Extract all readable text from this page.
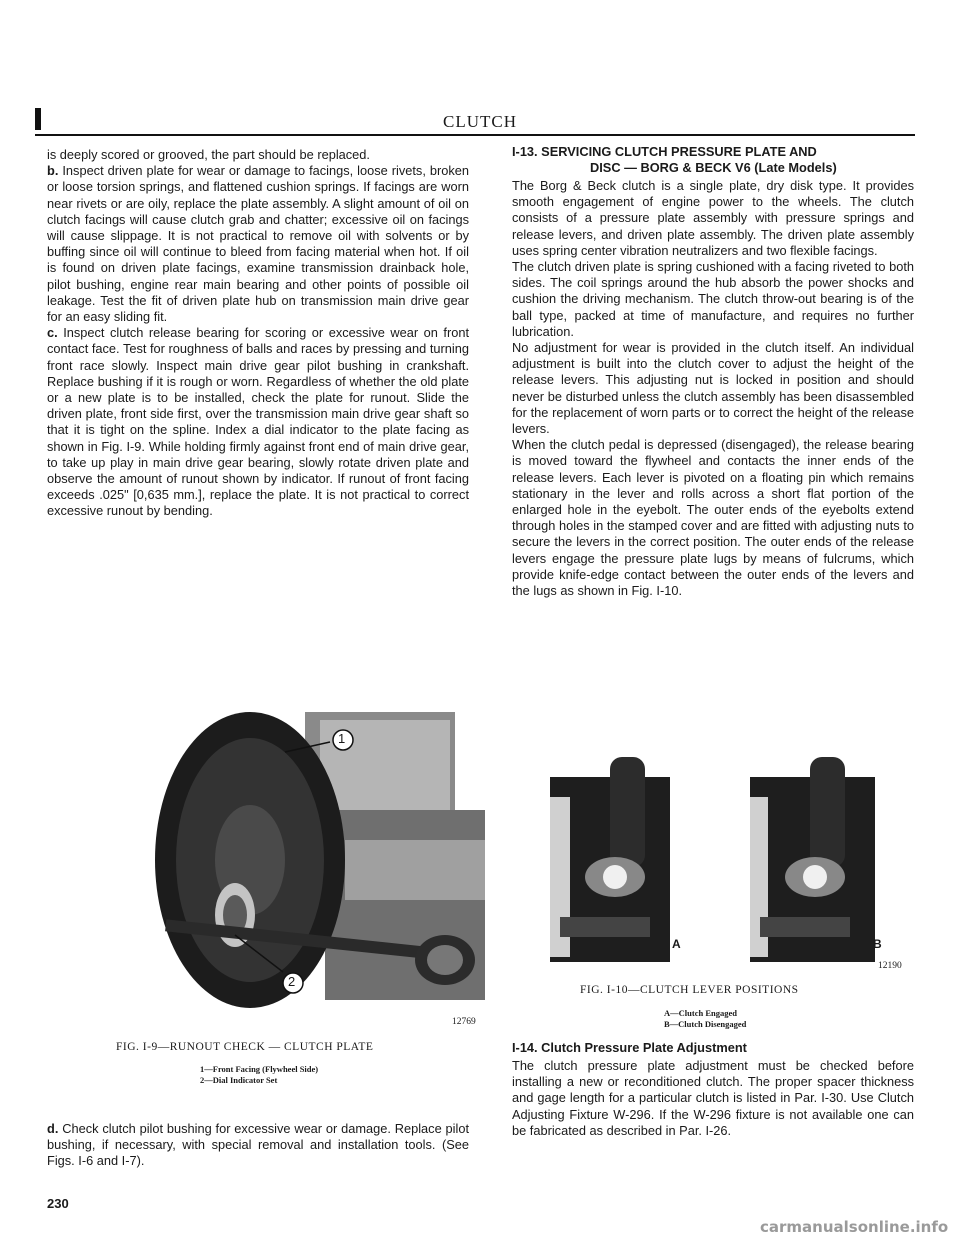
CLUTCH

is deeply scored or grooved, the part should be replaced.

b. Inspect driven plate for wear or damage to facings, loose rivets, broken or loose torsion springs, and flattened cushion springs. If facings are worn near rivets or are oily, replace the plate assembly. A slight amount of oil on clutch facings will cause clutch grab and chatter; excessive oil on facings will cause slippage. It is not practical to remove oil with solvents or by buffing since oil will continue to bleed from facing material when hot. If oil is found on driven plate facings, examine transmission drainback hole, pilot bushing, engine rear main bearing and other points of possible oil leakage. Test the fit of driven plate hub on transmission main drive gear for an easy sliding fit.

c. Inspect clutch release bearing for scoring or excessive wear on front contact face. Test for roughness of balls and races by pressing and turning front race slowly. Inspect main drive gear pilot bushing in crankshaft. Replace bushing if it is rough or worn. Regardless of whether the old plate or a new plate is to be installed, check the plate for runout. Slide the driven plate, front side first, over the transmission main drive gear shaft so that it is tight on the spline. Index a dial indicator to the plate facing as shown in Fig. I-9. While holding firmly against front end of main drive gear, to take up play in main drive gear bearing, slowly rotate driven plate and observe the amount of runout shown by indicator. If runout of front facing exceeds .025" [0,635 mm.], replace the plate. It is not practical to correct excessive runout by bending.

1
2
12769
FIG. I-9—RUNOUT CHECK — CLUTCH PLATE
1—Front Facing (Flywheel Side)
2—Dial Indicator Set

d. Check clutch pilot bushing for excessive wear or damage. Replace pilot bushing, if necessary, with special removal and installation tools. (See Figs. I-6 and I-7).

I-13. SERVICING CLUTCH PRESSURE PLATE AND
DISC — BORG & BECK V6 (Late Models)

The Borg & Beck clutch is a single plate, dry disk type. It provides smooth engagement of engine power to the wheels. The clutch consists of a pressure plate assembly with pressure springs and release levers, and driven plate assembly. The driven plate assembly uses spring center vibration neutralizers and two flexible facings.

The clutch driven plate is spring cushioned with a facing riveted to both sides. The coil springs around the hub absorb the power shocks and cushion the driving mechanism. The clutch throw-out bearing is of the ball type, packed at time of manufacture, and requires no further lubrication.

No adjustment for wear is provided in the clutch itself. An individual adjustment is built into the clutch cover to adjust the height of the release levers. This adjusting nut is locked in position and should never be disturbed unless the clutch assembly has been disassembled for the replacement of worn parts or to correct the height of the release levers.

When the clutch pedal is depressed (disengaged), the release bearing is moved toward the flywheel and contacts the inner ends of the release levers. Each lever is pivoted on a floating pin which remains stationary in the lever and rolls across a short flat portion of the enlarged hole in the eyebolt. The outer ends of the eyebolts extend through holes in the stamped cover and are fitted with adjusting nuts to secure the levers in the correct position. The outer ends of the release levers engage the pressure plate lugs by means of fulcrums, which provide knife-edge contact between the outer ends of the levers and the lugs as shown in Fig. I-10.

A	B
12190
FIG. I-10—CLUTCH LEVER POSITIONS
A—Clutch Engaged
B—Clutch Disengaged
I-14. Clutch Pressure Plate Adjustment

The clutch pressure plate adjustment must be checked before installing a new or reconditioned clutch. The proper spacer thickness and gage length for a particular clutch is listed in Par. I-30. Use Clutch Adjusting Fixture W-296. If the W-296 fixture is not available one can be fabricated as described in Par. I-26.

230
carmanualsonline.info
